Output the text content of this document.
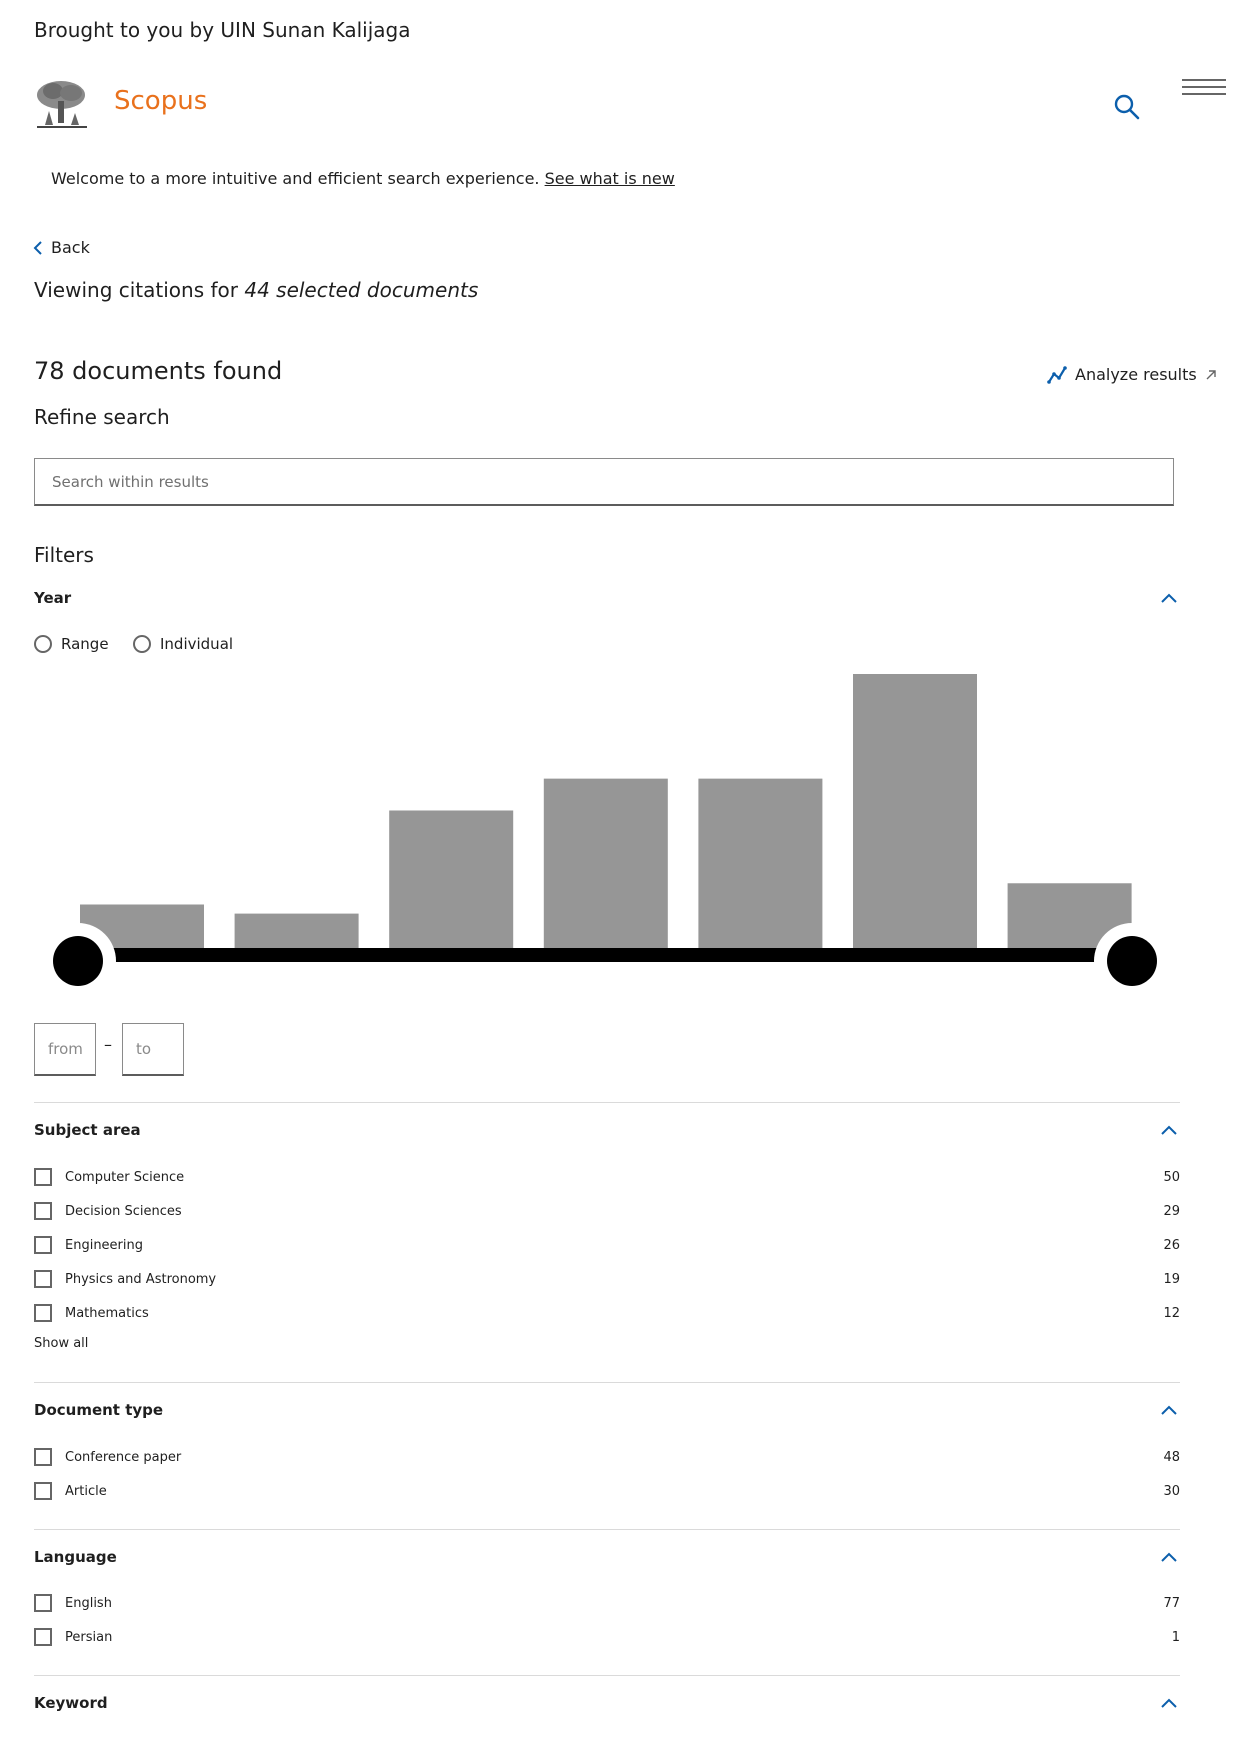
Brought to you by UIN Sunan Kalijaga
Scopus
Welcome to a more intuitive and efficient search experience. See what is new
Back
Viewing citations for 44 selected documents
78 documents found	Analyze results
Refine search
Search within results
Filters
Year
Range	Individual
from
–
to
Subject area
Computer Science	50
Decision Sciences	29
Engineering	26
Physics and Astronomy	19
Mathematics	12
Show all
Document type
Conference paper	48
Article	30
Language
English	77
Persian	1
Keyword
